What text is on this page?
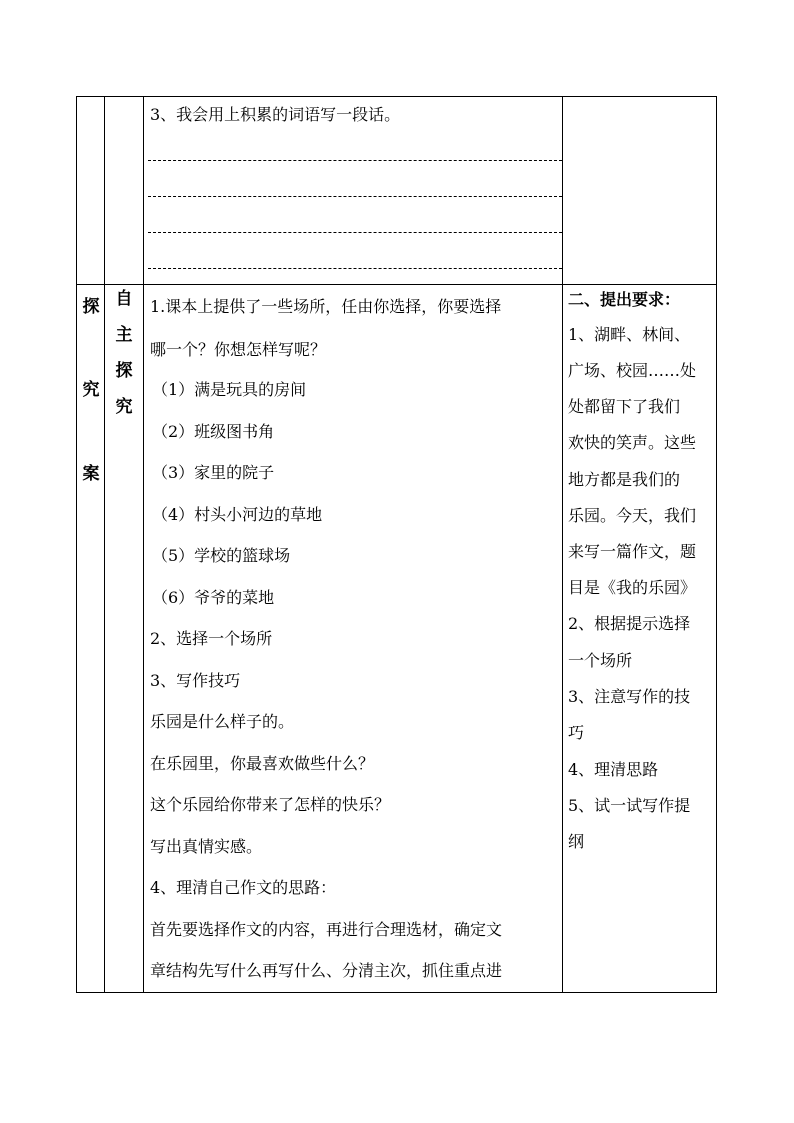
3、我会用上积累的词语写一段话。
探
究
案
自
主
探
究
1.课本上提供了一些场所，任由你选择，你要选择
哪一个？你想怎样写呢？
（1）满是玩具的房间
（2）班级图书角
（3）家里的院子
（4）村头小河边的草地
（5）学校的篮球场
（6）爷爷的菜地
2、选择一个场所
3、写作技巧
乐园是什么样子的。
在乐园里，你最喜欢做些什么？
这个乐园给你带来了怎样的快乐？
写出真情实感。
4、理清自己作文的思路：
首先要选择作文的内容，再进行合理选材，确定文
章结构先写什么再写什么、分清主次，抓住重点进
二、提出要求：
1、湖畔、林间、
广场、校园……处
处都留下了我们
欢快的笑声。这些
地方都是我们的
乐园。今天，我们
来写一篇作文，题
目是《我的乐园》
2、根据提示选择
一个场所
3、注意写作的技
巧
4、理清思路
5、试一试写作提
纲
